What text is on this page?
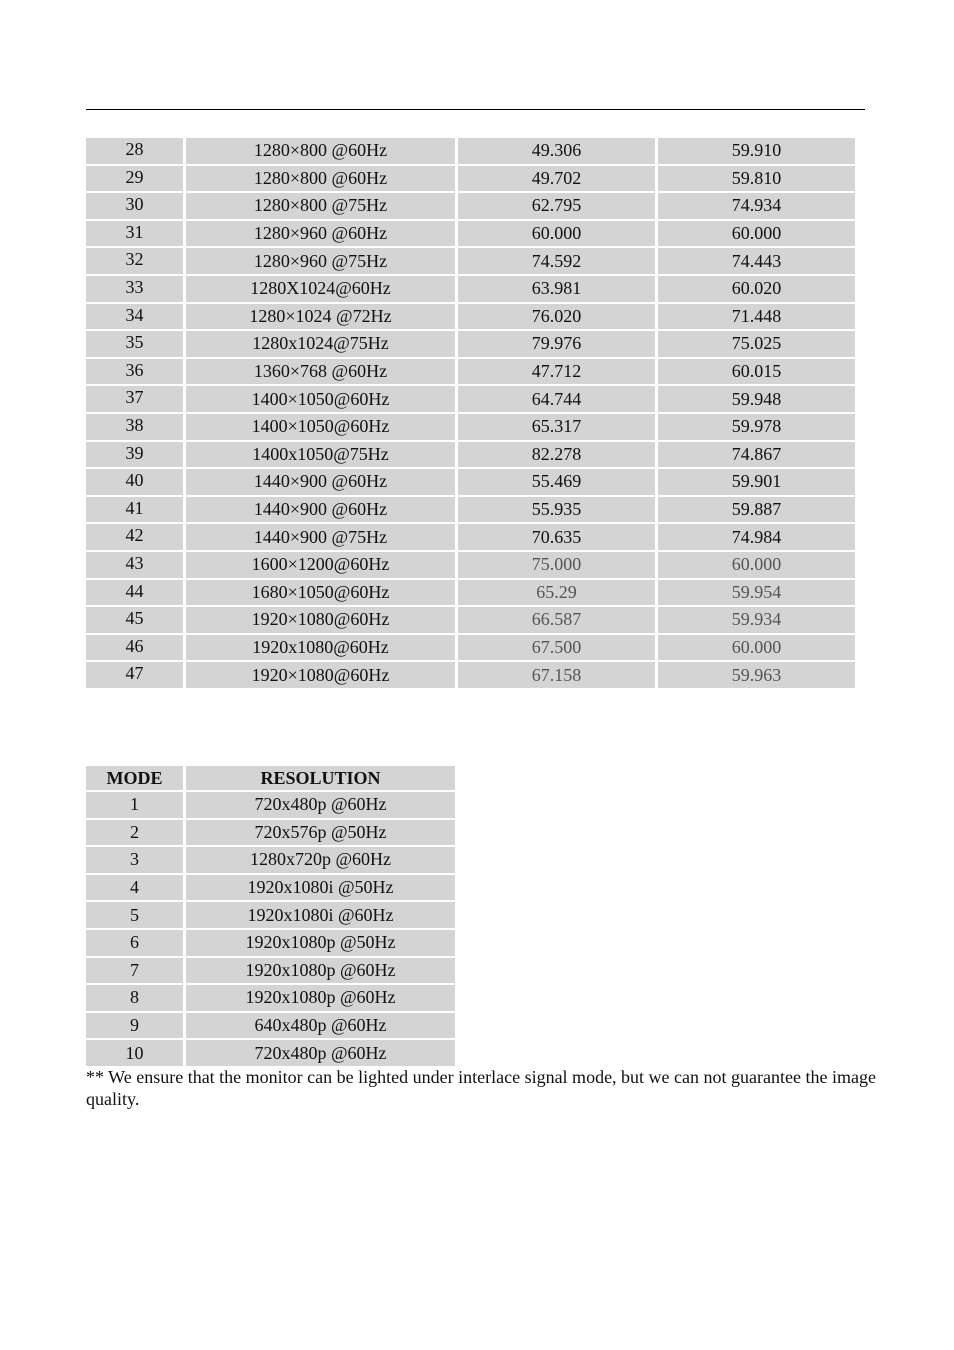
28	1280×800 @60Hz	49.306	59.910
29	1280×800 @60Hz	49.702	59.810
30	1280×800 @75Hz	62.795	74.934
31	1280×960 @60Hz	60.000	60.000
32	1280×960 @75Hz	74.592	74.443
33	1280X1024@60Hz	63.981	60.020
34	1280×1024 @72Hz	76.020	71.448
35	1280x1024@75Hz	79.976	75.025
36	1360×768 @60Hz	47.712	60.015
37	1400×1050@60Hz	64.744	59.948
38	1400×1050@60Hz	65.317	59.978
39	1400x1050@75Hz	82.278	74.867
40	1440×900 @60Hz	55.469	59.901
41	1440×900 @60Hz	55.935	59.887
42	1440×900 @75Hz	70.635	74.984
43	1600×1200@60Hz	75.000	60.000
44	1680×1050@60Hz	65.29	59.954
45	1920×1080@60Hz	66.587	59.934
46	1920x1080@60Hz	67.500	60.000
47	1920×1080@60Hz	67.158	59.963
MODE	RESOLUTION
1	720x480p @60Hz
2	720x576p @50Hz
3	1280x720p @60Hz
4	1920x1080i @50Hz
5	1920x1080i @60Hz
6	1920x1080p @50Hz
7	1920x1080p @60Hz
8	1920x1080p @60Hz
9	640x480p @60Hz
10	720x480p @60Hz

** We ensure that the monitor can be lighted under interlace signal mode, but we can not guarantee the image quality.
